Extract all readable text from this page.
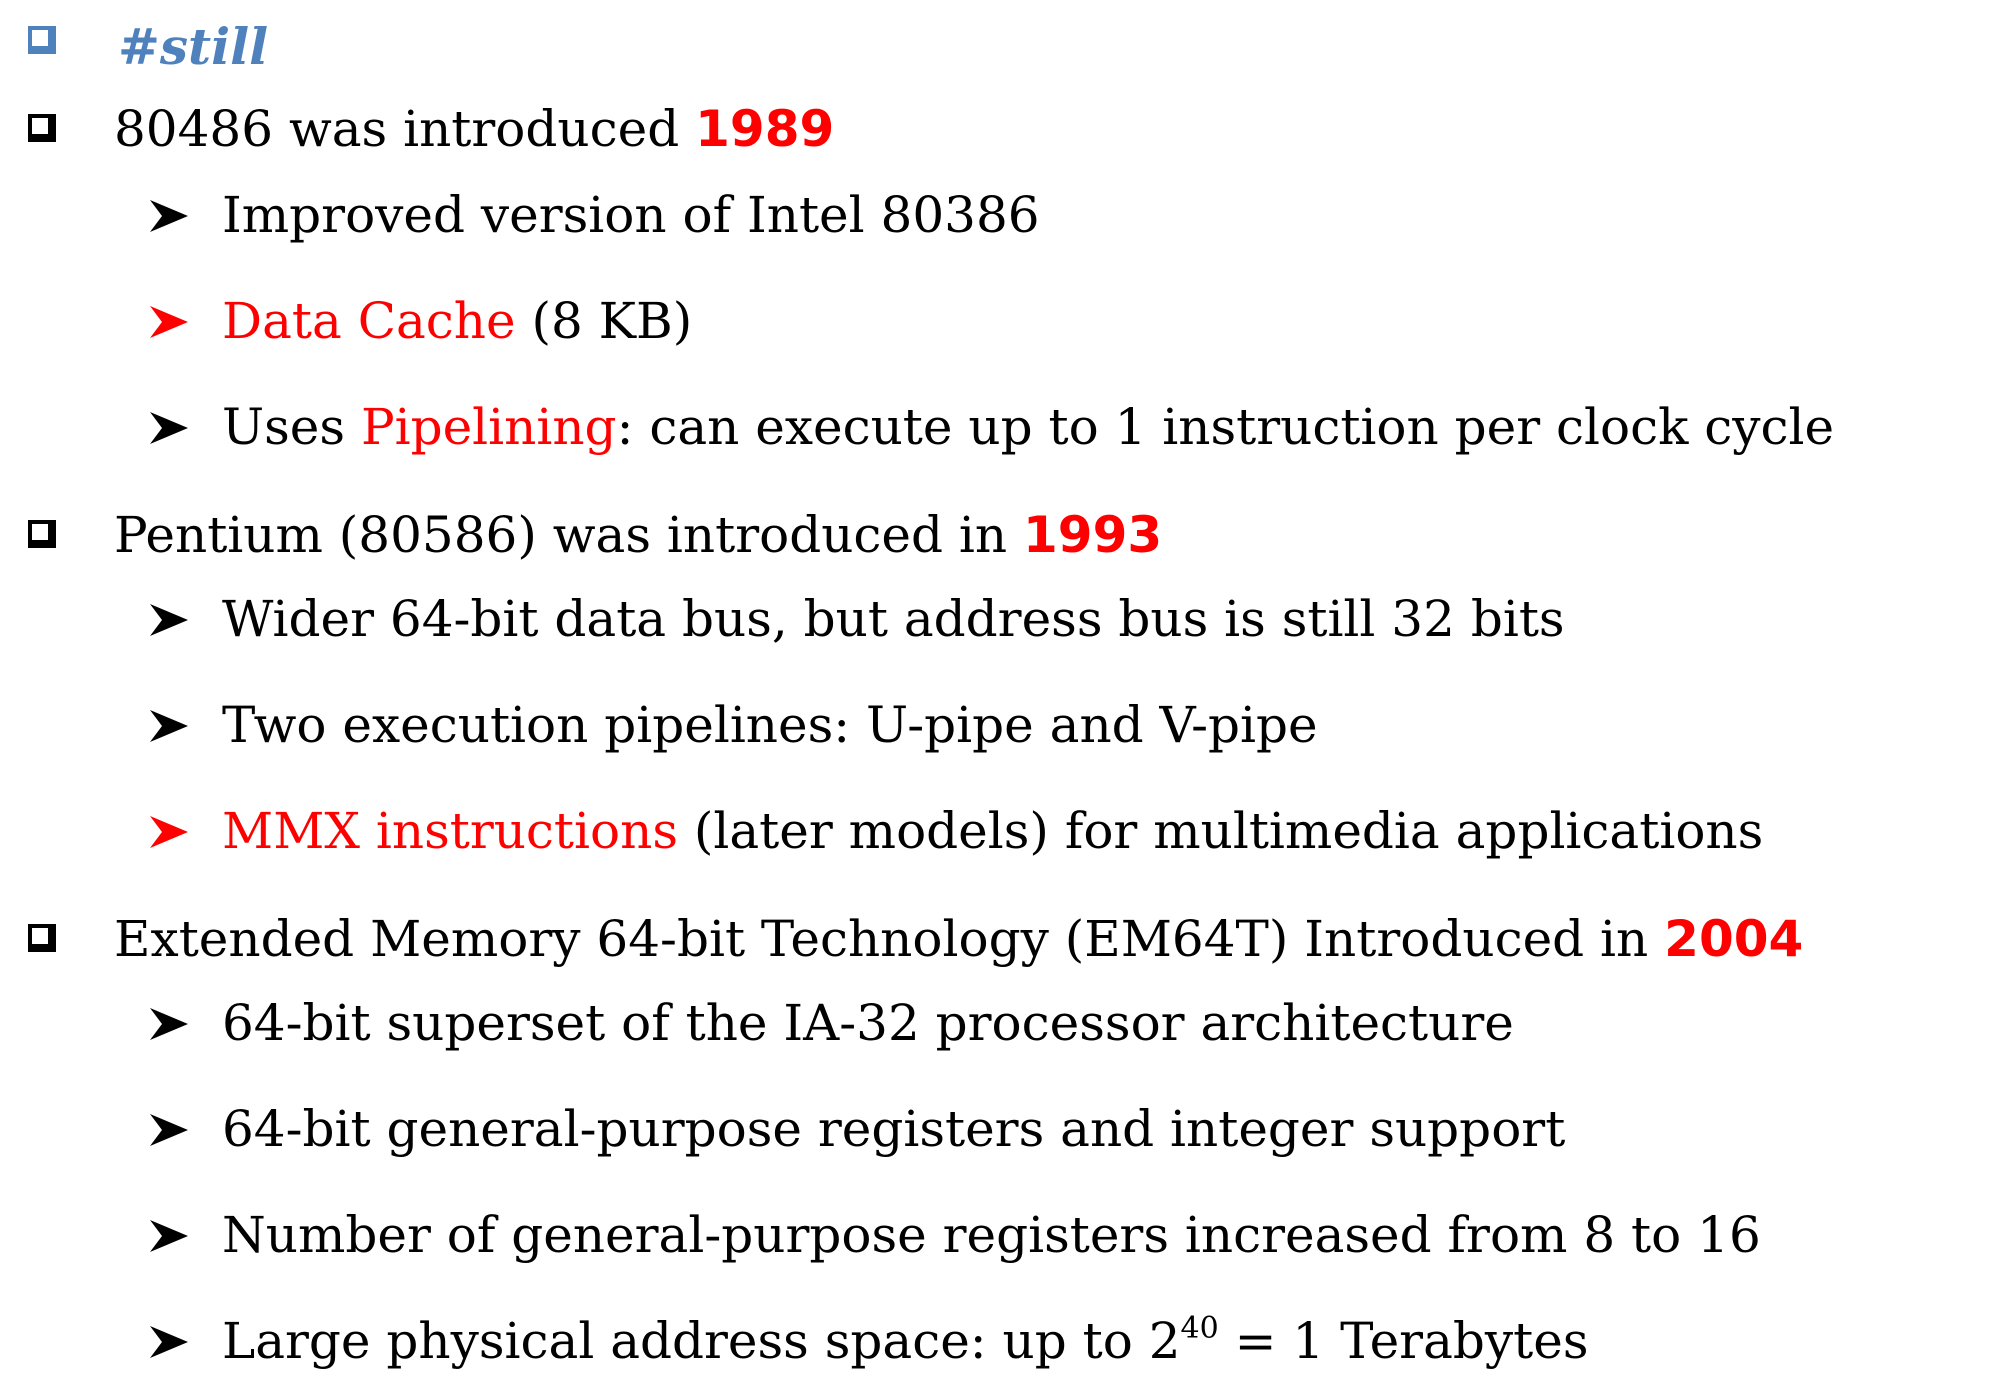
#still
80486 was introduced 1989
Improved version of Intel 80386
Data Cache (8 KB)
Uses Pipelining: can execute up to 1 instruction per clock cycle
Pentium (80586) was introduced in 1993
Wider 64-bit data bus, but address bus is still 32 bits
Two execution pipelines: U-pipe and V-pipe
MMX instructions (later models) for multimedia applications
Extended Memory 64-bit Technology (EM64T) Introduced in 2004
64-bit superset of the IA-32 processor architecture
64-bit general-purpose registers and integer support
Number of general-purpose registers increased from 8 to 16
Large physical address space: up to $2^{40} = 1$ Terabytes
